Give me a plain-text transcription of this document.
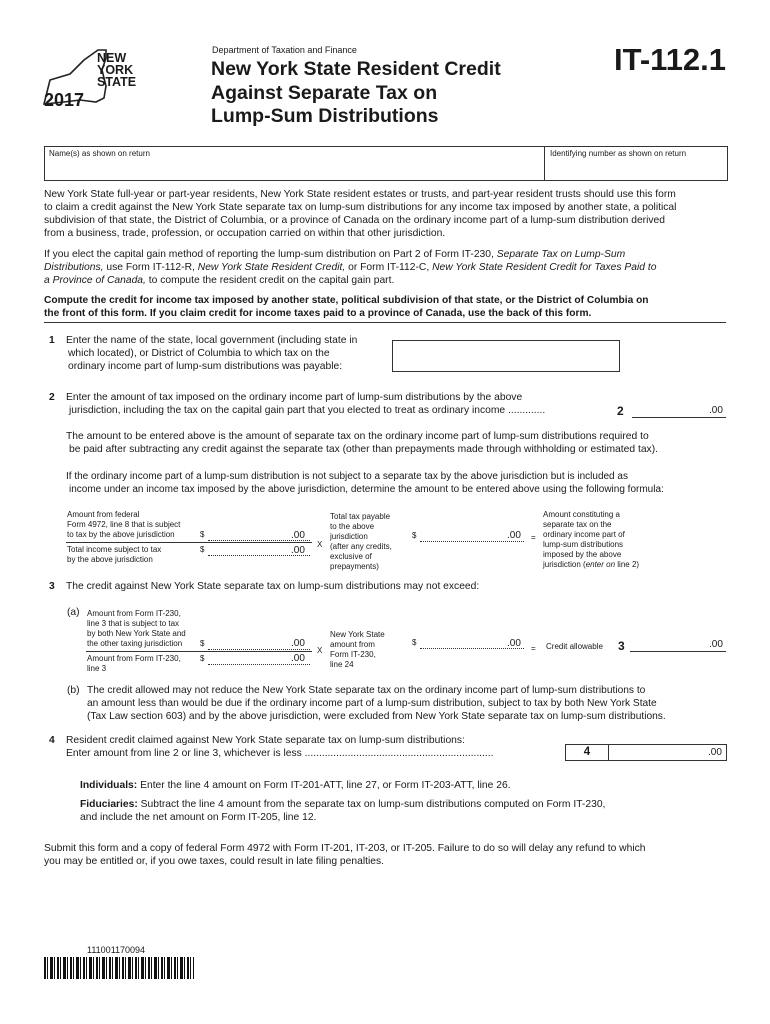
NEW
YORK
STATE
2017
Department of Taxation and Finance
New York State Resident Credit
Against Separate Tax on
Lump-Sum Distributions
IT-112.1
Name(s) as shown on return	Identifying number as shown on return
New York State full-year or part-year residents, New York State resident estates or trusts, and part-year resident trusts should use this form
to claim a credit against the New York State separate tax on lump-sum distributions for any income tax imposed by another state, a political
subdivision of that state, the District of Columbia, or a province of Canada on the ordinary income part of a lump-sum distribution derived
from a business, trade, profession, or occupation carried on within that other jurisdiction.
If you elect the capital gain method of reporting the lump-sum distribution on Part 2 of Form IT-230, Separate Tax on Lump-Sum
Distributions, use Form IT-112-R, New York State Resident Credit, or Form IT-112-C, New York State Resident Credit for Taxes Paid to
a Province of Canada, to compute the resident credit on the capital gain part.
Compute the credit for income tax imposed by another state, political subdivision of that state, or the District of Columbia on
the front of this form. If you claim credit for income taxes paid to a province of Canada, use the back of this form.
1 Enter the name of the state, local government (including state in
which located), or District of Columbia to which tax on the
ordinary income part of lump-sum distributions was payable:
2 Enter the amount of tax imposed on the ordinary income part of lump-sum distributions by the above
jurisdiction, including the tax on the capital gain part that you elected to treat as ordinary income .............	2	.00
The amount to be entered above is the amount of separate tax on the ordinary income part of lump-sum distributions required to
be paid after subtracting any credit against the separate tax (other than prepayments made through withholding or estimated tax).
If the ordinary income part of a lump-sum distribution is not subject to a separate tax by the above jurisdiction but is included as
income under an income tax imposed by the above jurisdiction, determine the amount to be entered above using the following formula:
Amount from federal
Form 4972, line 8 that is subject
to tax by the above jurisdiction	$	.00
Total income subject to tax
by the above jurisdiction
$	.00
X
Total tax payable
to the above
jurisdiction
(after any credits,
exclusive of
prepayments)
$	.00 =
Amount constituting a
separate tax on the
ordinary income part of
lump-sum distributions
imposed by the above
jurisdiction (enter on line 2)
3 The credit against New York State separate tax on lump-sum distributions may not exceed:
(a) Amount from Form IT-230,
line 3 that is subject to tax
by both New York State and
the other taxing jurisdiction	$	.00
Amount from Form IT-230,
line 3
$	.00
X
New York State
amount from
Form IT-230,
line 24
$	.00 = Credit allowable 3	.00
(b) The credit allowed may not reduce the New York State separate tax on the ordinary income part of lump-sum distributions to
an amount less than would be due if the ordinary income part of a lump-sum distribution, subject to tax by both New York State
(Tax Law section 603) and by the above jurisdiction, were excluded from New York State separate tax on lump-sum distributions.
4 Resident credit claimed against New York State separate tax on lump-sum distributions:
Enter amount from line 2 or line 3, whichever is less ..................................................................	4	.00
Individuals: Enter the line 4 amount on Form IT-201-ATT, line 27, or Form IT-203-ATT, line 26.
Fiduciaries: Subtract the line 4 amount from the separate tax on lump-sum distributions computed on Form IT-230,
and include the net amount on Form IT-205, line 12.
Submit this form and a copy of federal Form 4972 with Form IT-201, IT-203, or IT-205. Failure to do so will delay any refund to which
you may be entitled or, if you owe taxes, could result in late filing penalties.
111001170094
